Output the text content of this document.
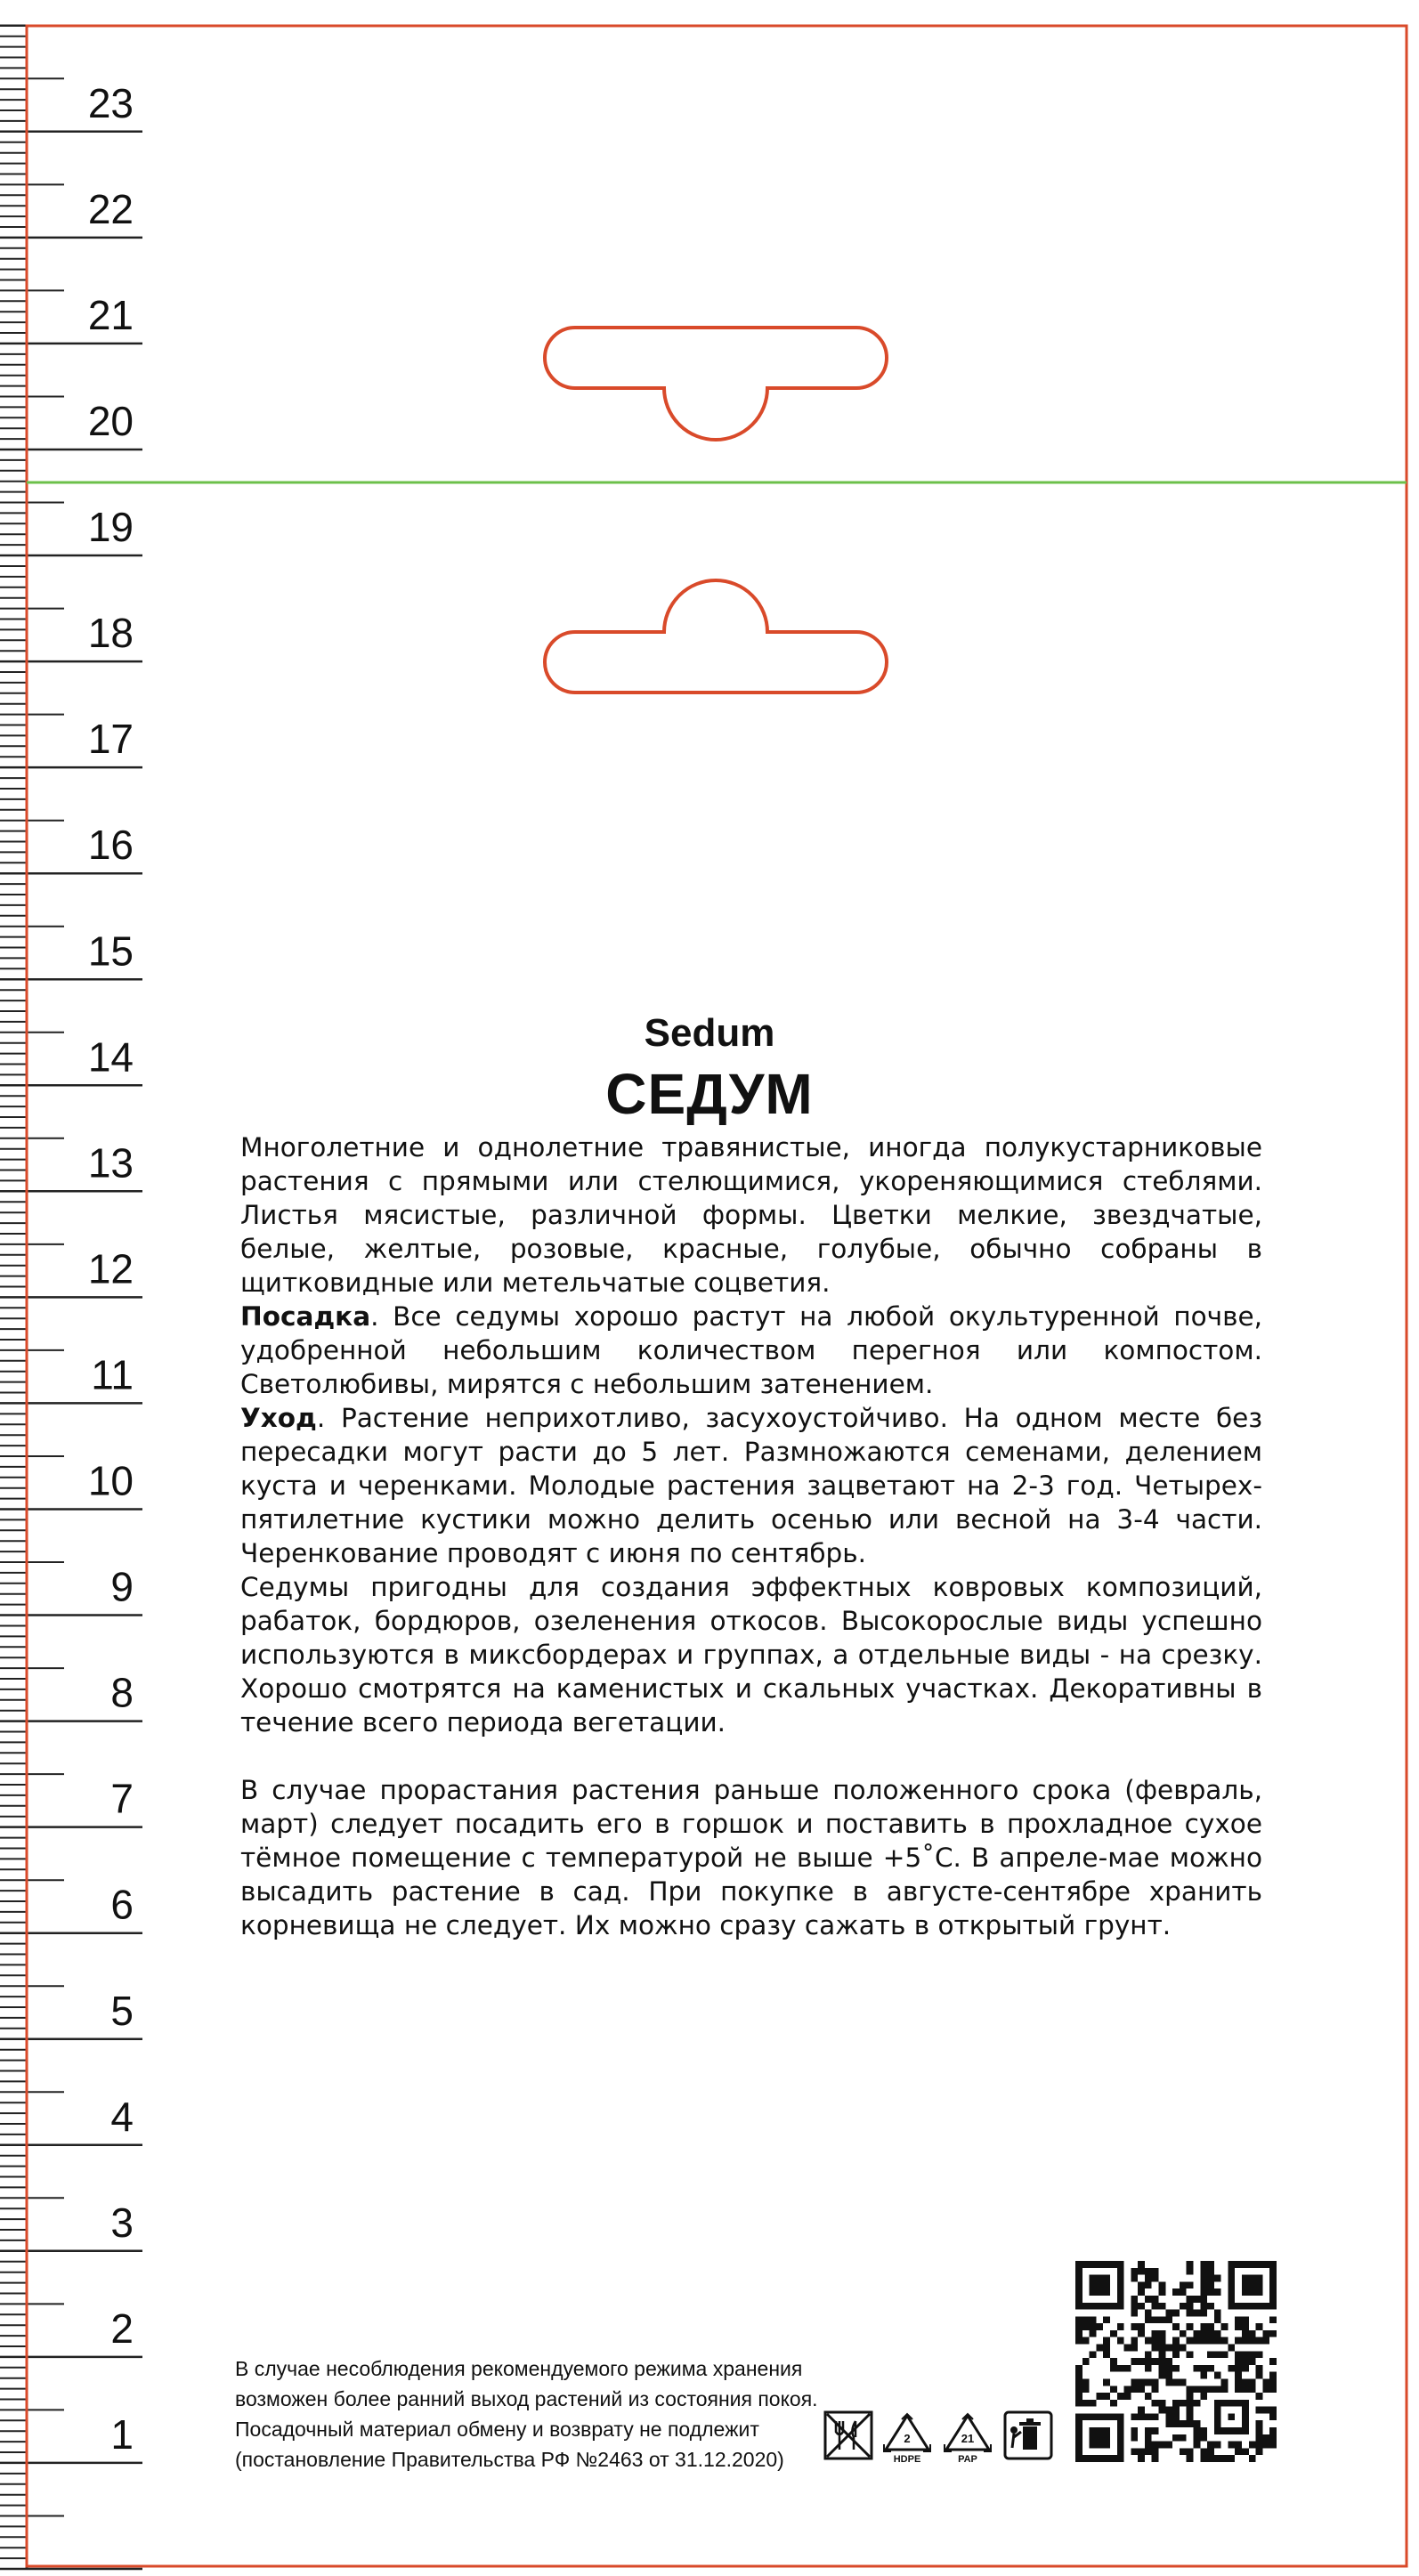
23
22
21
20
19
18
17
16
15
14
13
12
11
10
9
8
7
6
5
4
3
2
1
Sedum
СЕДУМ

Многолетние и однолетние травянистые, иногда полукустарниковые растения с прямыми или стелющимися, укореняющимися стеблями. Листья мясистые, различной формы. Цветки мелкие, звездчатые, белые, желтые, розовые, красные, голубые, обычно собраны в щитковидные или метельчатые соцветия.

Посадка. Все седумы хорошо растут на любой окультуренной почве, удобренной небольшим количеством перегноя или компостом. Светолюбивы, мирятся с небольшим затенением.

Уход. Растение неприхотливо, засухоустойчиво. На одном месте без пересадки могут расти до 5 лет. Размножаются семенами, делением куста и черенками. Молодые растения зацветают на 2-3 год. Четырех-пятилетние кустики можно делить осенью или весной на 3-4 части. Черенкование проводят с июня по сентябрь.

Седумы пригодны для создания эффектных ковровых композиций, рабаток, бордюров, озеленения откосов. Высокорослые виды успешно используются в миксбордерах и группах, а отдельные виды - на срезку. Хорошо смотрятся на каменистых и скальных участках. Декоративны в течение всего периода вегетации.

В случае прорастания растения раньше положенного срока (февраль, март) следует посадить его в горшок и поставить в прохладное сухое тёмное помещение с температурой не выше +5˚С. В апреле-мае можно высадить растение в сад. При покупке в августе-сентябре хранить корневища не следует. Их можно сразу сажать в открытый грунт.

В случае несоблюдения рекомендуемого режима хранения
возможен более ранний выход растений из состояния покоя.
Посадочный материал обмену и возврату не подлежит
(постановление Правительства РФ №2463 от 31.12.2020)
2
HDPE
21
PAP
